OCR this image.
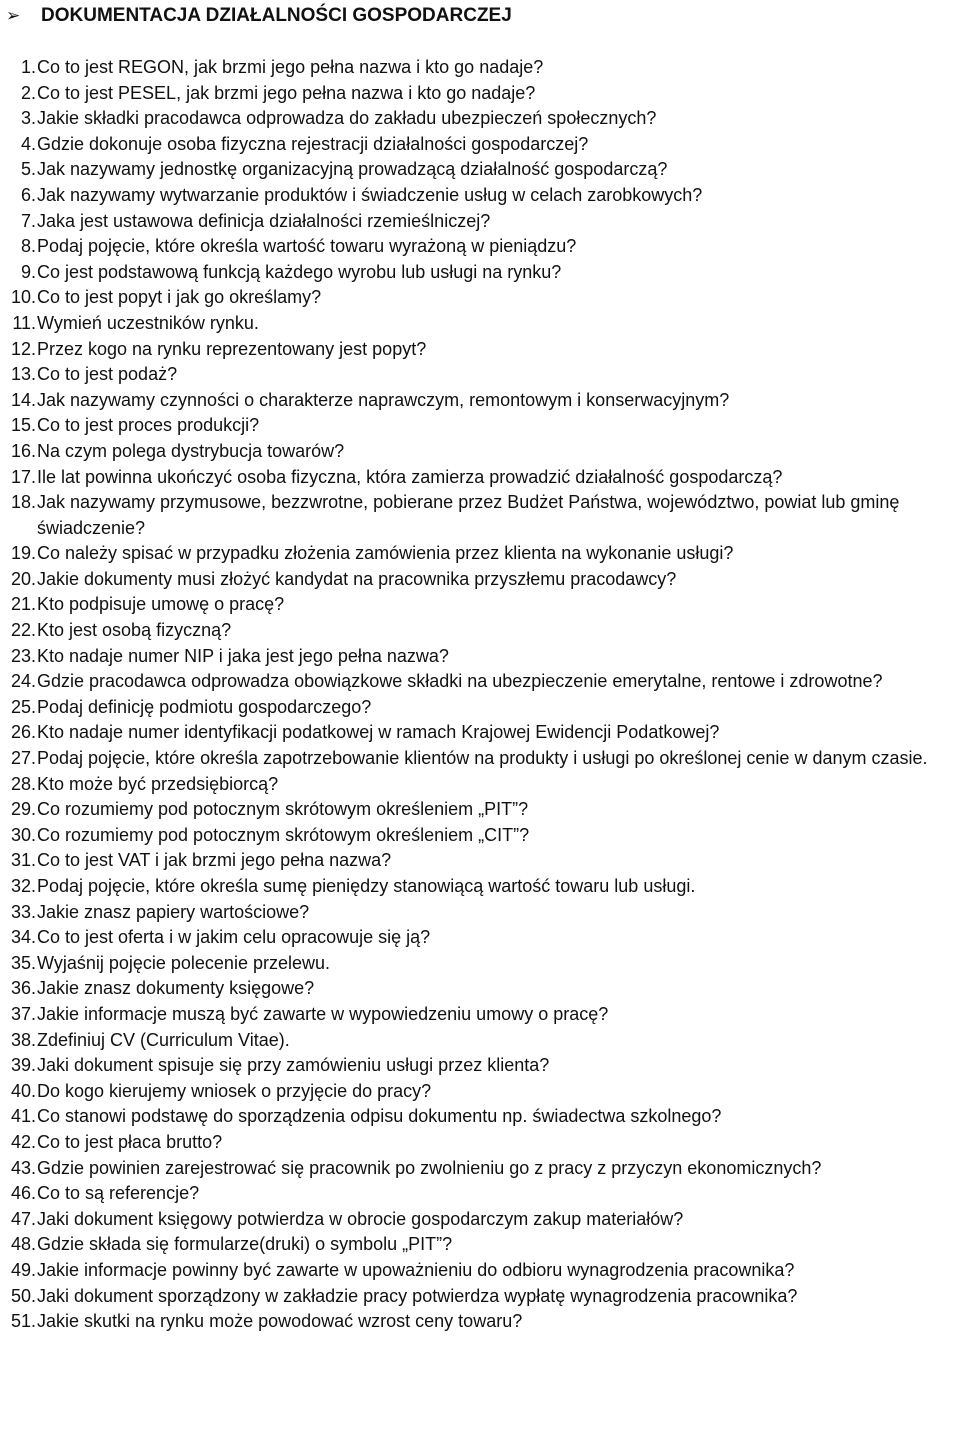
➢	DOKUMENTACJA DZIAŁALNOŚCI GOSPODARCZEJ
1. Co to jest REGON, jak brzmi jego pełna nazwa i kto go nadaje?
2. Co to jest PESEL, jak brzmi jego pełna nazwa i kto go nadaje?
3. Jakie składki pracodawca odprowadza do zakładu ubezpieczeń społecznych?
4. Gdzie dokonuje osoba fizyczna rejestracji działalności gospodarczej?
5. Jak nazywamy jednostkę organizacyjną prowadzącą działalność gospodarczą?
6. Jak nazywamy wytwarzanie produktów i świadczenie usług w celach zarobkowych?
7. Jaka jest ustawowa definicja działalności rzemieślniczej?
8. Podaj pojęcie, które określa wartość towaru wyrażoną w pieniądzu?
9. Co jest podstawową funkcją każdego wyrobu lub usługi na rynku?
10. Co to jest popyt i jak go określamy?
11. Wymień uczestników rynku.
12. Przez kogo na rynku reprezentowany jest popyt?
13. Co to jest podaż?
14. Jak nazywamy czynności o charakterze naprawczym, remontowym i konserwacyjnym?
15. Co to jest proces produkcji?
16. Na czym polega dystrybucja towarów?
17. Ile lat powinna ukończyć osoba fizyczna, która zamierza prowadzić działalność gospodarczą?
18. Jak nazywamy przymusowe, bezzwrotne, pobierane przez Budżet Państwa, województwo, powiat lub gminę świadczenie?
19. Co należy spisać w przypadku złożenia zamówienia przez klienta na wykonanie usługi?
20. Jakie dokumenty musi złożyć kandydat na pracownika przyszłemu pracodawcy?
21. Kto podpisuje umowę o pracę?
22. Kto jest osobą fizyczną?
23. Kto nadaje numer NIP i jaka jest jego pełna nazwa?
24. Gdzie pracodawca odprowadza obowiązkowe składki na ubezpieczenie emerytalne, rentowe i zdrowotne?
25. Podaj definicję podmiotu gospodarczego?
26. Kto nadaje numer identyfikacji podatkowej w ramach Krajowej Ewidencji Podatkowej?
27. Podaj pojęcie, które określa zapotrzebowanie klientów na produkty i usługi po określonej cenie w danym czasie.
28. Kto może być przedsiębiorcą?
29. Co rozumiemy pod potocznym skrótowym określeniem „PIT”?
30. Co rozumiemy pod potocznym skrótowym określeniem „CIT”?
31. Co to jest VAT i jak brzmi jego pełna nazwa?
32. Podaj pojęcie, które określa sumę pieniędzy stanowiącą wartość towaru lub usługi.
33. Jakie znasz papiery wartościowe?
34. Co to jest oferta i w jakim celu opracowuje się ją?
35. Wyjaśnij pojęcie polecenie przelewu.
36. Jakie znasz dokumenty księgowe?
37. Jakie informacje muszą być zawarte w wypowiedzeniu umowy o pracę?
38. Zdefiniuj CV (Curriculum Vitae).
39. Jaki dokument spisuje się przy zamówieniu usługi przez klienta?
40. Do kogo kierujemy wniosek o przyjęcie do pracy?
41. Co stanowi podstawę do sporządzenia odpisu dokumentu np. świadectwa szkolnego?
42. Co to jest płaca brutto?
43. Gdzie powinien zarejestrować się pracownik po zwolnieniu go z pracy z przyczyn ekonomicznych?
46. Co to są referencje?
47. Jaki dokument księgowy potwierdza w obrocie gospodarczym zakup materiałów?
48. Gdzie składa się formularze(druki) o symbolu „PIT”?
49. Jakie informacje powinny być zawarte w upoważnieniu do odbioru wynagrodzenia pracownika?
50. Jaki dokument sporządzony w zakładzie pracy potwierdza wypłatę wynagrodzenia pracownika?
51. Jakie skutki na rynku może powodować wzrost ceny towaru?
